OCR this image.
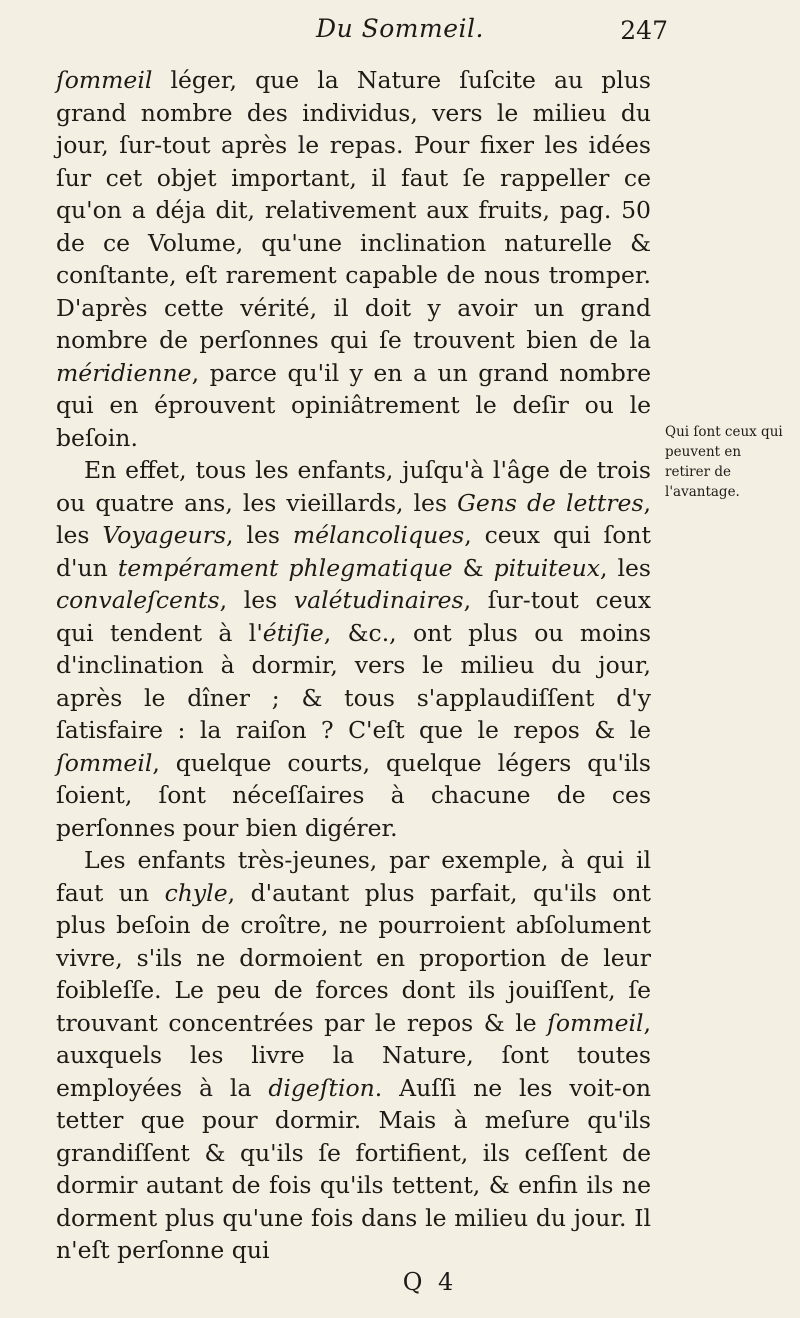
Du Sommeil.	247

ſommeil léger, que la Nature ſuſcite au plus grand nombre des individus, vers le milieu du jour, ſur-tout après le repas. Pour fixer les idées ſur cet objet important, il faut ſe rappeller ce qu'on a déja dit, relativement aux fruits, pag. 50 de ce Volume, qu'une inclination naturelle & conſtante, eſt rarement capable de nous tromper. D'après cette vérité, il doit y avoir un grand nombre de perſonnes qui ſe trouvent bien de la méridienne, parce qu'il y en a un grand nombre qui en éprouvent opiniâtrement le deſir ou le beſoin.

En effet, tous les enfants, juſqu'à l'âge de trois ou quatre ans, les vieillards, les Gens de lettres, les Voyageurs, les mélancoliques, ceux qui ſont d'un tempérament phlegmatique & pituiteux, les convaleſcents, les valétudinaires, ſur-tout ceux qui tendent à l'étiſie, &c., ont plus ou moins d'inclination à dormir, vers le milieu du jour, après le dîner ; & tous s'applaudiſſent d'y ſatisfaire : la raiſon ? C'eſt que le repos & le ſommeil, quelque courts, quelque légers qu'ils ſoient, ſont néceſſaires à chacune de ces perſonnes pour bien digérer.

Les enfants très-jeunes, par exemple, à qui il faut un chyle, d'autant plus parfait, qu'ils ont plus beſoin de croître, ne pourroient abſolument vivre, s'ils ne dormoient en proportion de leur foibleſſe. Le peu de forces dont ils jouiſſent, ſe trouvant concentrées par le repos & le ſommeil, auxquels les livre la Nature, ſont toutes employées à la digeſtion. Auſſi ne les voit-on tetter que pour dormir. Mais à meſure qu'ils grandiſſent & qu'ils ſe fortifient, ils ceſſent de dormir autant de fois qu'ils tettent, & enfin ils ne dorment plus qu'une fois dans le milieu du jour. Il n'eſt perſonne qui

Qui ſont ceux qui peuvent en retirer de l'avantage.
Q 4
